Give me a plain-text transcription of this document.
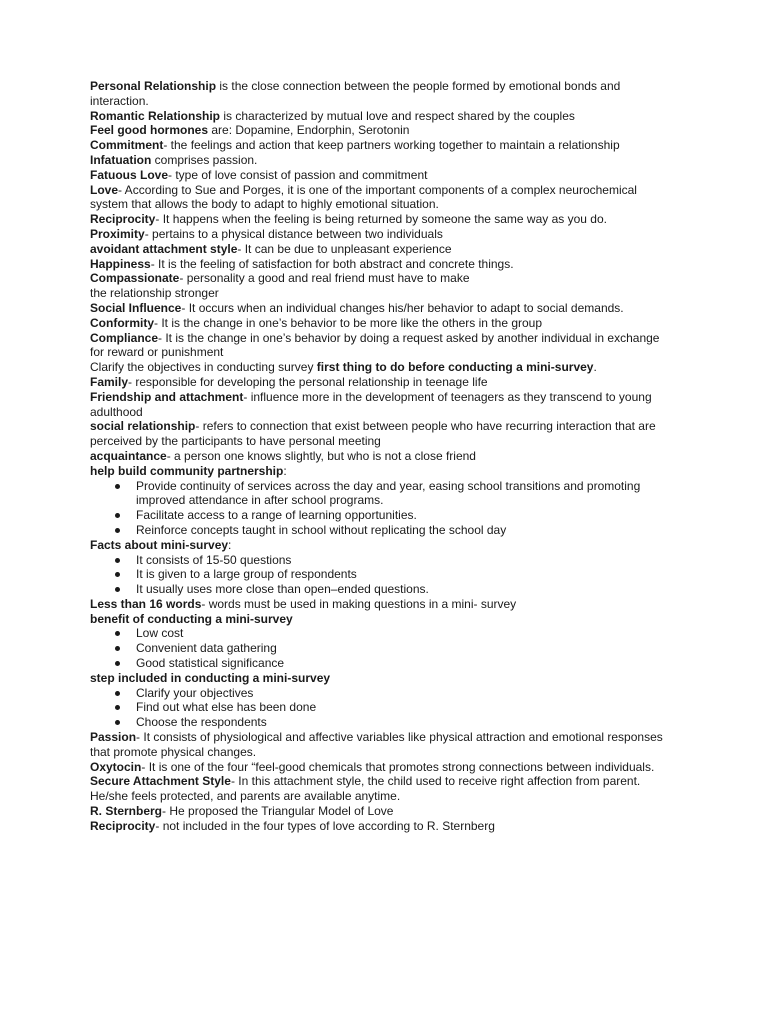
Personal Relationship is the close connection between the people formed by emotional bonds and interaction.

Romantic Relationship is characterized by mutual love and respect shared by the couples

Feel good hormones are: Dopamine, Endorphin, Serotonin

Commitment- the feelings and action that keep partners working together to maintain a relationship

Infatuation comprises passion.

Fatuous Love- type of love consist of passion and commitment

Love- According to Sue and Porges, it is one of the important components of a complex neurochemical system that allows the body to adapt to highly emotional situation.

Reciprocity- It happens when the feeling is being returned by someone the same way as you do.

Proximity- pertains to a physical distance between two individuals

avoidant attachment style- It can be due to unpleasant experience

Happiness- It is the feeling of satisfaction for both abstract and concrete things.

Compassionate- personality a good and real friend must have to make

the relationship stronger

Social Influence- It occurs when an individual changes his/her behavior to adapt to social demands.

Conformity- It is the change in one’s behavior to be more like the others in the group

Compliance- It is the change in one’s behavior by doing a request asked by another individual in exchange for reward or punishment

Clarify the objectives in conducting survey first thing to do before conducting a mini-survey.

Family- responsible for developing the personal relationship in teenage life

Friendship and attachment- influence more in the development of teenagers as they transcend to young adulthood

social relationship- refers to connection that exist between people who have recurring interaction that are perceived by the participants to have personal meeting

acquaintance- a person one knows slightly, but who is not a close friend

help build community partnership:

Provide continuity of services across the day and year, easing school transitions and promoting improved attendance in after school programs.
Facilitate access to a range of learning opportunities.
Reinforce concepts taught in school without replicating the school day

Facts about mini-survey:

It consists of 15-50 questions
It is given to a large group of respondents
It usually uses more close than open–ended questions.

Less than 16 words- words must be used in making questions in a mini- survey

benefit of conducting a mini-survey

Low cost
Convenient data gathering
Good statistical significance

step included in conducting a mini-survey

Clarify your objectives
Find out what else has been done
Choose the respondents

Passion- It consists of physiological and affective variables like physical attraction and emotional responses that promote physical changes.

Oxytocin- It is one of the four “feel-good chemicals that promotes strong connections between individuals.

Secure Attachment Style- In this attachment style, the child used to receive right affection from parent. He/she feels protected, and parents are available anytime.

R. Sternberg- He proposed the Triangular Model of Love

Reciprocity- not included in the four types of love according to R. Sternberg
